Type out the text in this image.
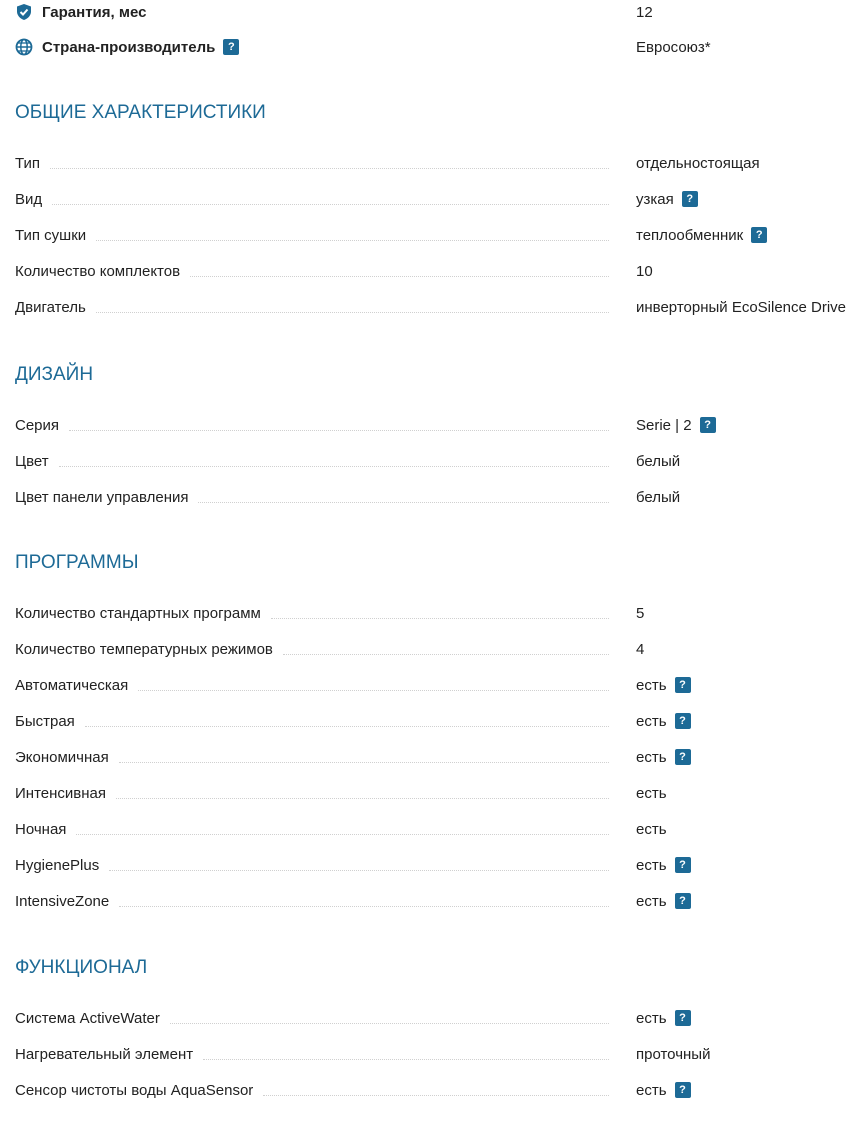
Гарантия, мес	12
Страна-производитель	?	Евросоюз*
ОБЩИЕ ХАРАКТЕРИСТИКИ
Тип	отдельностоящая
Вид	узкая	?
Тип сушки	теплообменник	?
Количество комплектов	10
Двигатель	инверторный EcoSilence Drive
ДИЗАЙН
Серия	Serie | 2	?
Цвет	белый
Цвет панели управления	белый
ПРОГРАММЫ
Количество стандартных программ	5
Количество температурных режимов	4
Автоматическая	есть	?
Быстрая	есть	?
Экономичная	есть	?
Интенсивная	есть
Ночная	есть
HygienePlus	есть	?
IntensiveZone	есть	?
ФУНКЦИОНАЛ
Система ActiveWater	есть	?
Нагревательный элемент	проточный
Сенсор чистоты воды AquaSensor	есть	?
